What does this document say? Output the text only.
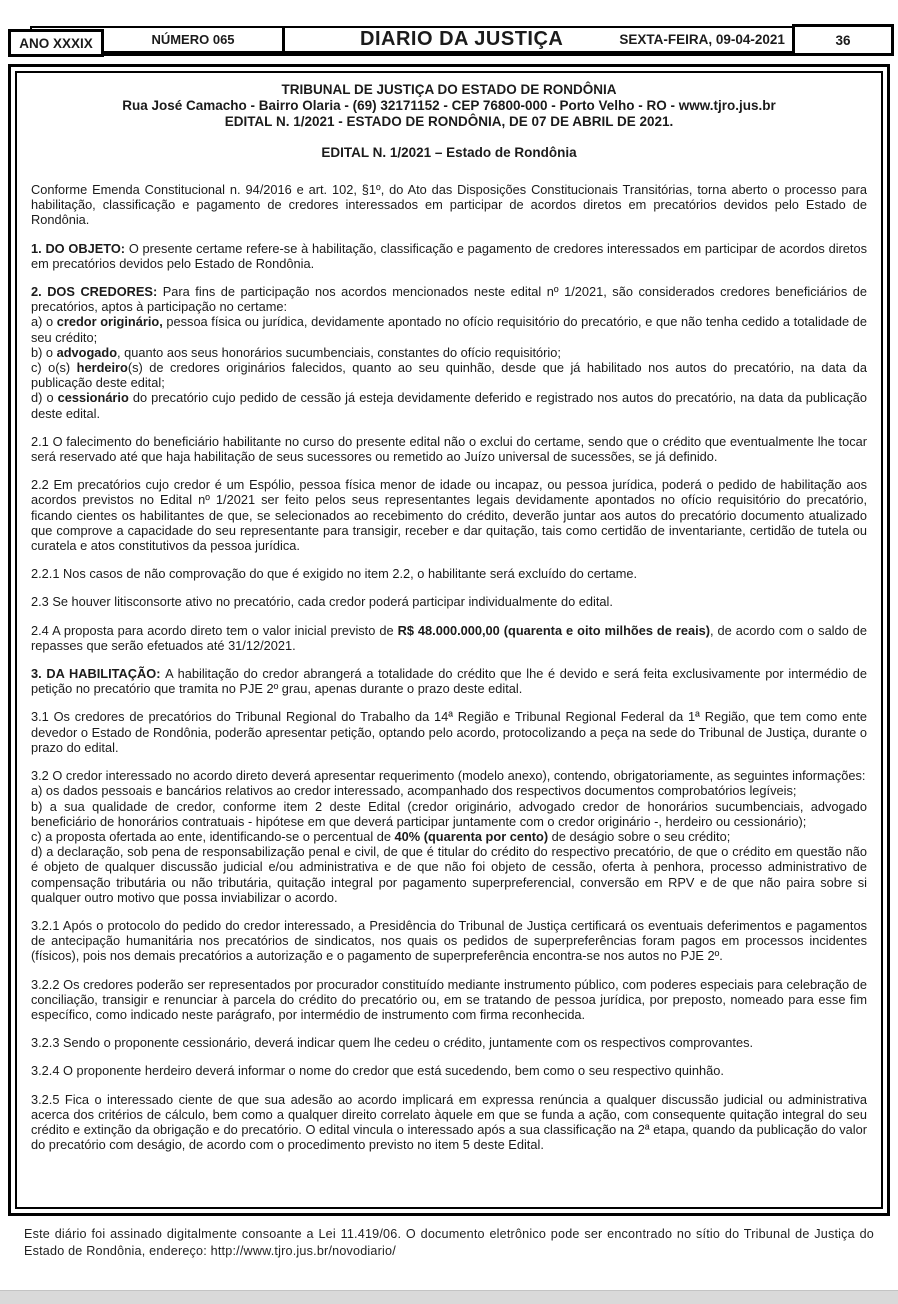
NÚMERO 065	DIARIO DA JUSTIÇA	SEXTA-FEIRA, 09-04-2021
ANO XXXIX	36
TRIBUNAL DE JUSTIÇA DO ESTADO DE RONDÔNIA
Rua José Camacho - Bairro Olaria - (69) 32171152 - CEP 76800-000 - Porto Velho - RO - www.tjro.jus.br
EDITAL N. 1/2021 - ESTADO DE RONDÔNIA, DE 07 DE ABRIL DE 2021.
EDITAL N. 1/2021 – Estado de Rondônia

Conforme Emenda Constitucional n. 94/2016 e art. 102, §1º, do Ato das Disposições Constitucionais Transitórias, torna aberto o processo para habilitação, classificação e pagamento de credores interessados em participar de acordos diretos em precatórios devidos pelo Estado de Rondônia.

1. DO OBJETO: O presente certame refere-se à habilitação, classificação e pagamento de credores interessados em participar de acordos diretos em precatórios devidos pelo Estado de Rondônia.

2. DOS CREDORES: Para fins de participação nos acordos mencionados neste edital nº 1/2021, são considerados credores beneficiários de precatórios, aptos à participação no certame:

a) o credor originário, pessoa física ou jurídica, devidamente apontado no ofício requisitório do precatório, e que não tenha cedido a totalidade de seu crédito;

b) o advogado, quanto aos seus honorários sucumbenciais, constantes do ofício requisitório;

c) o(s) herdeiro(s) de credores originários falecidos, quanto ao seu quinhão, desde que já habilitado nos autos do precatório, na data da publicação deste edital;

d) o cessionário do precatório cujo pedido de cessão já esteja devidamente deferido e registrado nos autos do precatório, na data da publicação deste edital.

2.1 O falecimento do beneficiário habilitante no curso do presente edital não o exclui do certame, sendo que o crédito que eventualmente lhe tocar será reservado até que haja habilitação de seus sucessores ou remetido ao Juízo universal de sucessões, se já definido.

2.2 Em precatórios cujo credor é um Espólio, pessoa física menor de idade ou incapaz, ou pessoa jurídica, poderá o pedido de habilitação aos acordos previstos no Edital nº 1/2021 ser feito pelos seus representantes legais devidamente apontados no ofício requisitório do precatório, ficando cientes os habilitantes de que, se selecionados ao recebimento do crédito, deverão juntar aos autos do precatório documento atualizado que comprove a capacidade do seu representante para transigir, receber e dar quitação, tais como certidão de inventariante, certidão de tutela ou curatela e atos constitutivos da pessoa jurídica.

2.2.1 Nos casos de não comprovação do que é exigido no item 2.2, o habilitante será excluído do certame.

2.3 Se houver litisconsorte ativo no precatório, cada credor poderá participar individualmente do edital.

2.4 A proposta para acordo direto tem o valor inicial previsto de R$ 48.000.000,00 (quarenta e oito milhões de reais), de acordo com o saldo de repasses que serão efetuados até 31/12/2021.

3. DA HABILITAÇÃO: A habilitação do credor abrangerá a totalidade do crédito que lhe é devido e será feita exclusivamente por intermédio de petição no precatório que tramita no PJE 2º grau, apenas durante o prazo deste edital.

3.1 Os credores de precatórios do Tribunal Regional do Trabalho da 14ª Região e Tribunal Regional Federal da 1ª Região, que tem como ente devedor o Estado de Rondônia, poderão apresentar petição, optando pelo acordo, protocolizando a peça na sede do Tribunal de Justiça, durante o prazo do edital.

3.2 O credor interessado no acordo direto deverá apresentar requerimento (modelo anexo), contendo, obrigatoriamente, as seguintes informações:

a) os dados pessoais e bancários relativos ao credor interessado, acompanhado dos respectivos documentos comprobatórios legíveis;

b) a sua qualidade de credor, conforme item 2 deste Edital (credor originário, advogado credor de honorários sucumbenciais, advogado beneficiário de honorários contratuais - hipótese em que deverá participar juntamente com o credor originário -, herdeiro ou cessionário);

c) a proposta ofertada ao ente, identificando-se o percentual de 40% (quarenta por cento) de deságio sobre o seu crédito;

d) a declaração, sob pena de responsabilização penal e civil, de que é titular do crédito do respectivo precatório, de que o crédito em questão não é objeto de qualquer discussão judicial e/ou administrativa e de que não foi objeto de cessão, oferta à penhora, processo administrativo de compensação tributária ou não tributária, quitação integral por pagamento superpreferencial, conversão em RPV e de que não paira sobre si qualquer outro motivo que possa inviabilizar o acordo.

3.2.1 Após o protocolo do pedido do credor interessado, a Presidência do Tribunal de Justiça certificará os eventuais deferimentos e pagamentos de antecipação humanitária nos precatórios de sindicatos, nos quais os pedidos de superpreferências foram pagos em processos incidentes (físicos), pois nos demais precatórios a autorização e o pagamento de superpreferência encontra-se nos autos no PJE 2º.

3.2.2 Os credores poderão ser representados por procurador constituído mediante instrumento público, com poderes especiais para celebração de conciliação, transigir e renunciar à parcela do crédito do precatório ou, em se tratando de pessoa jurídica, por preposto, nomeado para esse fim específico, como indicado neste parágrafo, por intermédio de instrumento com firma reconhecida.

3.2.3 Sendo o proponente cessionário, deverá indicar quem lhe cedeu o crédito, juntamente com os respectivos comprovantes.

3.2.4 O proponente herdeiro deverá informar o nome do credor que está sucedendo, bem como o seu respectivo quinhão.

3.2.5 Fica o interessado ciente de que sua adesão ao acordo implicará em expressa renúncia a qualquer discussão judicial ou administrativa acerca dos critérios de cálculo, bem como a qualquer direito correlato àquele em que se funda a ação, com consequente quitação integral do seu crédito e extinção da obrigação e do precatório. O edital vincula o interessado após a sua classificação na 2ª etapa, quando da publicação do valor do precatório com deságio, de acordo com o procedimento previsto no item 5 deste Edital.

Este diário foi assinado digitalmente consoante a Lei 11.419/06. O documento eletrônico pode ser encontrado no sítio do Tribunal de Justiça do Estado de Rondônia, endereço: http://www.tjro.jus.br/novodiario/
